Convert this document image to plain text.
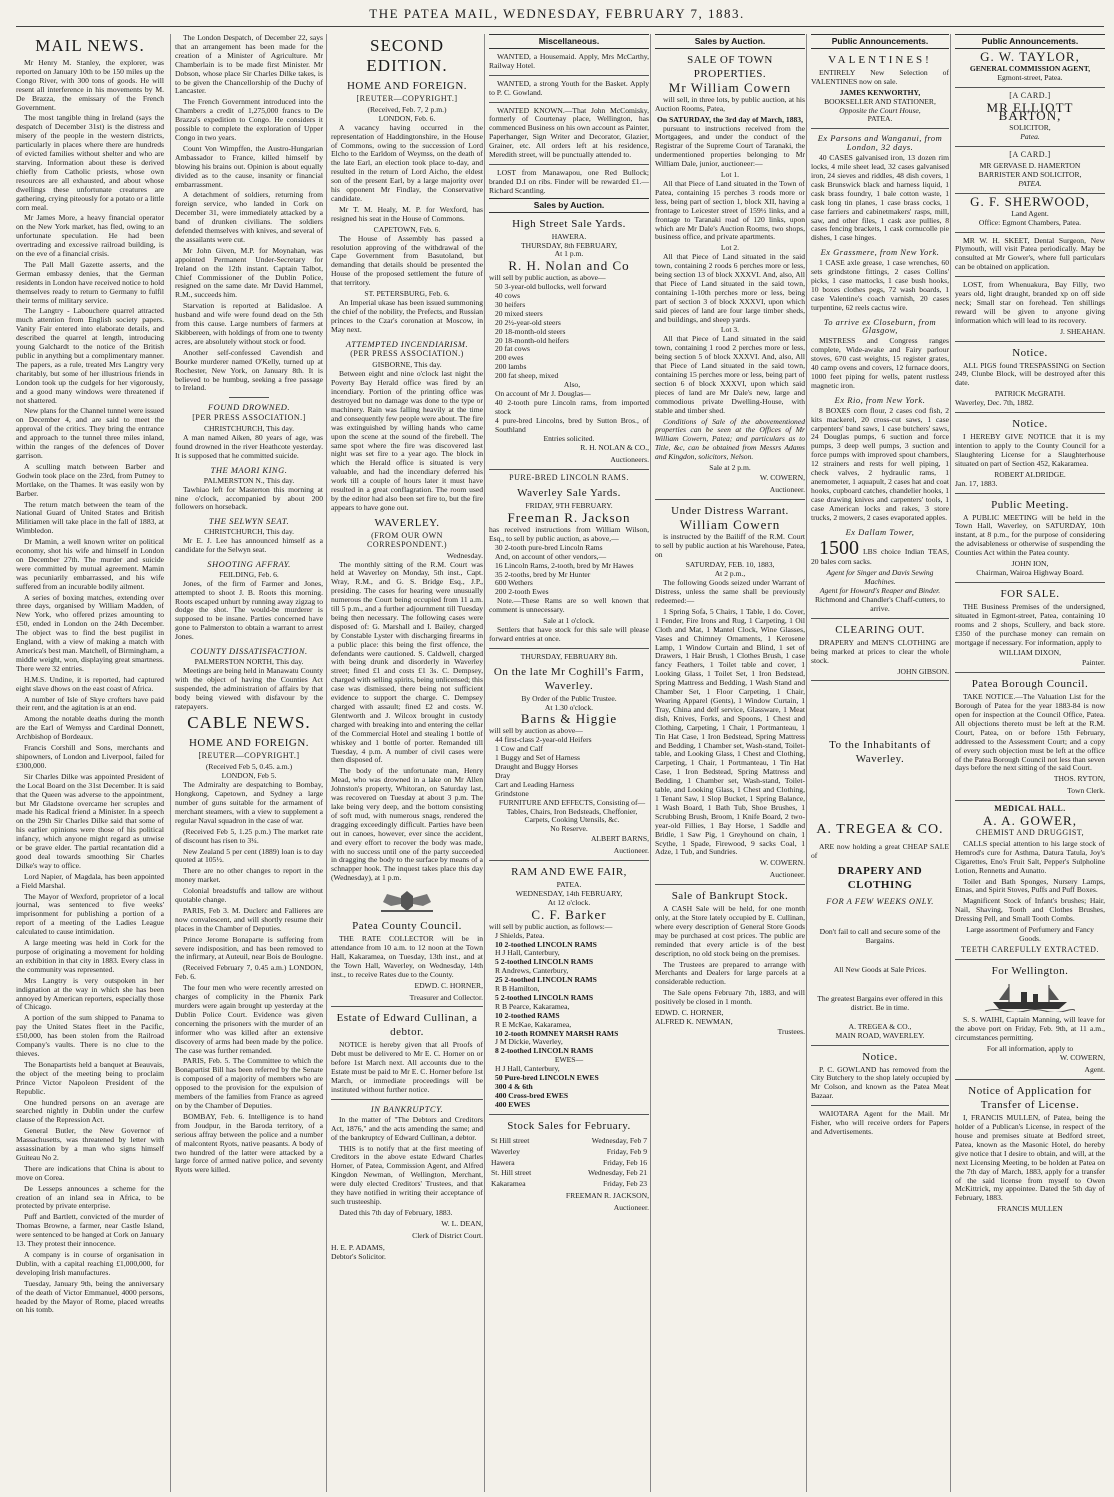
THE PATEA MAIL, WEDNESDAY, FEBRUARY 7, 1883.
MAIL NEWS.

Mr Henry M. Stanley, the explorer, was reported on January 10th to be 150 miles up the Congo River, with 300 tons of goods. He will resent all interference in his movements by M. De Brazza, the emissary of the French Government.

The most tangible thing in Ireland (says the despatch of December 31st) is the distress and misery of the people in the western districts, particularly in places where there are hundreds of evicted families without shelter and who are starving. Information about these is derived chiefly from Catholic priests, whose own resources are all exhausted, and about whose dwellings these unfortunate creatures are gathering, crying piteously for a potato or a little corn meal.

Mr James More, a heavy financial operator on the New York market, has fled, owing to an unfortunate speculation. He had been overtrading and excessive railroad building, is on the eve of a financial crisis.

The Pall Mall Gazette asserts, and the German embassy denies, that the German residents in London have received notice to hold themselves ready to return to Germany to fulfil their terms of military service.

The Langtry - Labouchere quarrel attracted much attention from English society papers. Vanity Fair entered into elaborate details, and described the quarrel at length, introducing young Galchardt to the notice of the British public in anything but a complimentary manner. The papers, as a rule, treated Mrs Langtry very charitably, but some of her illustrious friends in London took up the cudgels for her vigorously, and a good many windows were threatened if not shattered.

New plans for the Channel tunnel were issued on December 4, and are said to meet the approval of the critics. They bring the entrance and approach to the tunnel three miles inland, within the ranges of the defences of Dover garrison.

A sculling match between Barber and Godwin took place on the 23rd, from Putney to Mortlake, on the Thames. It was easily won by Barber.

The return match between the team of the National Guard of United States and British Militiamen will take place in the fall of 1883, at Wimbledon.

Dr Mamin, a well known writer on political economy, shot his wife and himself in London on December 27th. The murder and suicide were committed by mutual agreement. Mamin was pecuniarily embarrassed, and his wife suffered from an incurable bodily ailment.

A series of boxing matches, extending over three days, organised by William Madden, of New York, who offered prizes amounting to £50, ended in London on the 24th December. The object was to find the best pugilist in England, with a view of making a match with America's best man. Matchell, of Birmingham, a middle weight, won, displaying great smartness. There were 32 entries.

H.M.S. Undine, it is reported, had captured eight slave dhows on the east coast of Africa.

A number of Isle of Skye crofters have paid their rent, and the agitation is at an end.

Among the notable deaths during the month are the Earl of Wemyss and Cardinal Donnett, Archbishop of Bordeaux.

Francis Corshill and Sons, merchants and shipowners, of London and Liverpool, failed for £300,000.

Sir Charles Dilke was appointed President of the Local Board on the 31st December. It is said that the Queen was adverse to the appointment, but Mr Gladstone overcame her scruples and made his Radical friend a Minister. In a speech on the 29th Sir Charles Dilke said that some of his earlier opinions were those of his political infancy, which anyone might regard as unwise or be grave elder. The partial recantation did a good deal towards smoothing Sir Charles Dilke's way to office.

Lord Napier, of Magdala, has been appointed a Field Marshal.

The Mayor of Wexford, proprietor of a local journal, was sentenced to five weeks' imprisonment for publishing a portion of a report of a meeting of the Ladies League calculated to cause intimidation.

A large meeting was held in Cork for the purpose of originating a movement for holding an exhibition in that city in 1883. Every class in the community was represented.

Mrs Langtry is very outspoken in her indignation at the way in which she has been annoyed by American reporters, especially those of Chicago.

A portion of the sum shipped to Panama to pay the United States fleet in the Pacific, £50,000, has been stolen from the Railroad Company's vaults. There is no clue to the thieves.

The Bonapartists held a banquet at Beauvais, the object of the meeting being to proclaim Prince Victor Napoleon President of the Republic.

One hundred persons on an average are searched nightly in Dublin under the curfew clause of the Repression Act.

General Butler, the New Governor of Massachusetts, was threatened by letter with assassination by a man who signs himself Guiteau No 2.

There are indications that China is about to move on Corea.

De Lesseps announces a scheme for the creation of an inland sea in Africa, to be protected by private enterprise.

Puff and Bartlett, convicted of the murder of Thomas Browne, a farmer, near Castle Island, were sentenced to be hanged at Cork on January 13. They protest their innocence.

A company is in course of organisation in Dublin, with a capital reaching £1,000,000, for developing Irish manufactures.

Tuesday, January 9th, being the anniversary of the death of Victor Emmanuel, 4000 persons, headed by the Mayor of Rome, placed wreaths on his tomb.

The London Despatch, of December 22, says that an arrangement has been made for the creation of a Minister of Agriculture. Mr Chamberlain is to be made first Minister. Mr Dobson, whose place Sir Charles Dilke takes, is to be given the Chancellorship of the Duchy of Lancaster.

The French Government introduced into the Chambers a credit of 1,275,000 francs to De Brazza's expedition to Congo. He considers it possible to complete the exploration of Upper Congo in two years.

Count Von Wimpffen, the Austro-Hungarian Ambassador to France, killed himself by blowing his brains out. Opinion is about equally divided as to the cause, insanity or financial embarrassment.

A detachment of soldiers, returning from foreign service, who landed in Cork on December 31, were immediately attacked by a band of drunken civilians. The soldiers defended themselves with knives, and several of the assailants were cut.

Mr John Given, M.P. for Moynahan, was appointed Permanent Under-Secretary for Ireland on the 12th instant. Captain Talbot, Chief Commissioner of the Dublin Police, resigned on the same date. Mr David Hammel, R.M., succeeds him.

Starvation is reported at Balidasloe. A husband and wife were found dead on the 5th from this cause. Large numbers of farmers at Skibbereen, with holdings of from one to twenty acres, are absolutely without stock or food.

Another self-confessed Cavendish and Bourke murderer named O'Kelly, turned up at Rochester, New York, on January 8th. It is believed to be humbug, seeking a free passage to Ireland.

FOUND DROWNED.
[PER PRESS ASSOCIATION.]
CHRISTCHURCH, This day.

A man named Aiken, 80 years of age, was found drowned in the river Heathcote yesterday. It is supposed that he committed suicide.

THE MAORI KING.
PALMERSTON N., This day.

Tawhiao left for Masterton this morning at nine o'clock, accompanied by about 200 followers on horseback.

THE SELWYN SEAT.
CHRISTCHURCH, This day.

Mr E. J. Lee has announced himself as a candidate for the Selwyn seat.

SHOOTING AFFRAY.
FEILDING, Feb. 6.

Jones, of the firm of Farmer and Jones, attempted to shoot J. B. Roots this morning. Roots escaped unhurt by running away zigzag to dodge the shot. The would-be murderer is supposed to be insane. Parties concerned have gone to Palmerston to obtain a warrant to arrest Jones.

COUNTY DISSATISFACTION.
PALMERSTON NORTH, This day.

Meetings are being held in Manawatu County with the object of having the Counties Act suspended, the administration of affairs by that body being viewed with disfavour by the ratepayers.

CABLE NEWS.
HOME AND FOREIGN.
[REUTER—COPYRIGHT.]
(Received Feb 5, 0.45. a.m.)
LONDON, Feb 5.

The Admiralty are despatching to Bombay, Hongkong, Capetown, and Sydney a large number of guns suitable for the armament of merchant steamers, with a view to supplement a regular Naval squadron in the case of war.

(Received Feb 5, 1.25 p.m.) The market rate of discount has risen to 3¼.

New Zealand 5 per cent (1889) loan is to day quoted at 105½.

There are no other changes to report in the money market.

Colonial breadstuffs and tallow are without quotable change.

PARIS, Feb 3. M. Duclerc and Fallieres are now convalescent, and will shortly resume their places in the Chamber of Deputies.

Prince Jerome Bonaparte is suffering from severe indisposition, and has been removed to the infirmary, at Auteuil, near Bois de Boulogne.

(Received February 7, 0.45 a.m.) LONDON, Feb. 6.

The four men who were recently arrested on charges of complicity in the Phœnix Park murders were again brought up yesterday at the Dublin Police Court. Evidence was given concerning the prisoners with the murder of an informer who was killed after an extensive discovery of arms had been made by the police. The case was further remanded.

PARIS, Feb. 5. The Committee to which the Bonapartist Bill has been referred by the Senate is composed of a majority of members who are opposed to the provision for the expulsion of members of the families from France as agreed on by the Chamber of Deputies.

BOMBAY, Feb. 6. Intelligence is to hand from Joudpur, in the Baroda territory, of a serious affray between the police and a number of malcontent Ryots, native peasants. A body of two hundred of the latter were attacked by a large force of armed native police, and seventy Ryots were killed.

SECOND EDITION.
HOME AND FOREIGN.
[REUTER—COPYRIGHT.]
(Received, Feb. 7, 2 p.m.)
LONDON, Feb. 6.

A vacancy having occurred in the representation of Haddingtonshire, in the House of Commons, owing to the succession of Lord Elcho to the Earldom of Weymss, on the death of the late Earl, an election took place to-day, and resulted in the return of Lord Aicho, the eldest son of the present Earl, by a large majority over his opponent Mr Findlay, the Conservative candidate.

Mr T. M. Healy, M. P. for Wexford, has resigned his seat in the House of Commons.

CAPETOWN, Feb. 6.

The House of Assembly has passed a resolution approving of the withdrawal of the Cape Government from Basutoland, but demanding that details should be presented the House of the proposed settlement the future of that territory.

ST. PETERSBURG, Feb. 6.

An Imperial ukase has been issued summoning the chief of the nobility, the Prefects, and Russian princes to the Czar's coronation at Moscow, in May next.

ATTEMPTED INCENDIARISM.
(PER PRESS ASSOCIATION.)
GISBORNE, This day.

Between eight and nine o'clock last night the Poverty Bay Herald office was fired by an incendiary. Portion of the printing office was destroyed but no damage was done to the type or machinery. Rain was falling heavily at the time and consequently few people were about. The fire was extinguished by willing hands who came upon the scene at the sound of the firebell. The same spot where the fire was discovered last night was set fire to a year ago. The block in which the Herald office is situated is very valuable, and had the incendiary deferred his work till a couple of hours later it must have resulted in a great conflagration. The room used by the editor had also been set fire to, but the fire appears to have gone out.

WAVERLEY.
(FROM OUR OWN CORRESPONDENT.)
Wednesday.

The monthly sitting of the R.M. Court was held at Waverley on Monday, 5th inst., Capt. Wray, R.M., and G. S. Bridge Esq., J.P., presiding. The cases for hearing were unusually numerous the Court being occupied from 11 a.m. till 5 p.m., and a further adjournment till Tuesday being then necessary. The following cases were disposed of: G. Marshall and I. Bailey, charged by Constable Lyster with discharging firearms in a public place: this being the first offence, the defendants were cautioned. S. Caldwell, charged with being drunk and disorderly in Waverley street; fined £1 and costs £1 3s. C. Dempsey, charged with selling spirits, being unlicensed; this case was dismissed, there being not sufficient evidence to support the charge. C. Dempsey charged with assault; fined £2 and costs. W. Glentworth and J. Wilcox brought in custody charged with breaking into and entering the cellar of the Commercial Hotel and stealing 1 bottle of whiskey and 1 bottle of porter. Remanded till Tuesday, 4 p.m. A number of civil cases were then disposed of.

The body of the unfortunate man, Henry Mead, who was drowned in a lake on Mr Allen Johnston's property, Whitoran, on Saturday last, was recovered on Tuesday at about 3 p.m. The lake being very deep, and the bottom consisting of soft mud, with numerous snags, rendered the dragging exceedingly difficult. Parties have been out in canoes, however, ever since the accident, and every effort to recover the body was made, with no success until one of the party succeeded in dragging the body to the surface by means of a schnapper hook. The inquest takes place this day (Wednesday), at 1 p.m.

Patea County Council.

THE RATE COLLECTOR will be in attendance from 10 a.m. to 12 noon at the Town Hall, Kakaramea, on Tuesday, 13th inst., and at the Town Hall, Waverley, on Wednesday, 14th inst., to receive Rates due to the County.

EDWD. C. HORNER,
Treasurer and Collector.
Estate of Edward Cullinan, a debtor.

NOTICE is hereby given that all Proofs of Debt must be delivered to Mr E. C. Horner on or before 1st March next. All accounts due to the Estate must be paid to Mr E. C. Horner before 1st March, or immediate proceedings will be instituted without further notice.

IN BANKRUPTCY.

In the matter of "The Debtors and Creditors Act, 1876," and the acts amending the same; and of the bankruptcy of Edward Cullinan, a debtor.

THIS is to notify that at the first meeting of Creditors in the above estate Edward Charles Horner, of Patea, Commission Agent, and Alfred Kingdon Newman, of Wellington, Merchant, were duly elected Creditors' Trustees, and that they have notified in writing their acceptance of such trusteeship.

Dated this 7th day of February, 1883.

W. L. DEAN,
Clerk of District Court.
H. E. P. ADAMS,
Debtor's Solicitor.
Miscellaneous.

WANTED, a Housemaid. Apply, Mrs McCarthy, Railway Hotel.

WANTED, a strong Youth for the Basket. Apply to P. C. Gowland.

WANTED KNOWN.—That John McComisky, formerly of Courtenay place, Wellington, has commenced Business on his own account as Painter, Paperhanger, Sign Writer and Decorator, Glazier, Grainer, etc. All orders left at his residence, Meredith street, will be punctually attended to.

LOST from Manawapou, one Red Bullock; branded D.I on ribs. Finder will be rewarded £1.—Richard Scantling.

Sales by Auction.
High Street Sale Yards.
HAWERA.
THURSDAY, 8th FEBRUARY,
At 1 p.m.
R. H. Nolan and Co
will sell by public auction, as above—
50 3-year-old bullocks, well forward
40 cows
30 heifers
20 mixed steers
20 2½-year-old steers
20 18-month-old steers
20 18-month-old heifers
20 fat cows
200 ewes
200 lambs
200 fat sheep, mixed
Also,
On account of Mr J. Douglas—
40 2-tooth pure Lincoln rams, from imported stock
4 pure-bred Lincolns, bred by Sutton Bros., of Southland
Entries solicited.
R. H. NOLAN & CO.,
Auctioneers.
PURE-BRED LINCOLN RAMS.
Waverley Sale Yards.
FRIDAY, 9TH FEBRUARY.
Freeman R. Jackson
has received instructions from William Wilson, Esq., to sell by public auction, as above,—
30 2-tooth pure-bred Lincoln Rams
And, on account of other vendors,—
16 Lincoln Rams, 2-tooth, bred by Mr Hawes
35 2-tooths, bred by Mr Hunter
600 Wethers
200 2-tooth Ewes

Note.—These Rams are so well known that comment is unnecessary.

Sale at 1 o'clock.

Settlers that have stock for this sale will please forward entries at once.

THURSDAY, FEBRUARY 8th.
On the late Mr Coghill's Farm, Waverley.
By Order of the Public Trustee.
At 1.30 o'clock.
Barns & Higgie
will sell by auction as above—
44 first-class 2-year-old Heifers
1 Cow and Calf
1 Buggy and Set of Harness
Draught and Buggy Horses
Dray
Cart and Leading Harness
Grindstone
FURNITURE AND EFFECTS, Consisting of—
Tables, Chairs, Iron Bedsteads, Cheffonier, Carpets, Cooking Utensils, &c.
No Reserve.
ALBERT BARNS,
Auctioneer.
RAM AND EWE FAIR,
PATEA.
WEDNESDAY, 14th FEBRUARY,
At 12 o'clock.
C. F. Barker
will sell by public auction, as follows:—
J Shields, Patea.
10 2-toothed LINCOLN RAMS
H J Hall, Canterbury,
5 2-toothed LINCOLN RAMS
R Andrews, Canterbury,
25 2-toothed LINCOLN RAMS
R B Hamilton,
5 2-toothed LINCOLN RAMS
R B Pearce, Kakaramea,
10 2-toothed RAMS
R E McKae, Kakaramea,
10 2-tooth ROMNEY MARSH RAMS
J M Dickie, Waverley,
8 2-toothed LINCOLN RAMS
EWES—
H J Hall, Canterbury,
50 Pure-bred LINCOLN EWES
300 4 & 6th
400 Cross-bred EWES
400 EWES
Stock Sales for February.
St Hill street	Wednesday, Feb 7
Waverley	Friday, Feb 9
Hawera	Friday, Feb 16
St. Hill street	Wednesday, Feb 21
Kakaramea	Friday, Feb 23
FREEMAN R. JACKSON,
Auctioneer.
Sales by Auction.
SALE OF TOWN PROPERTIES.
Mr William Cowern

will sell, in three lots, by public auction, at his Auction Rooms, Patea,

On SATURDAY, the 3rd day of March, 1883,

pursuant to instructions received from the Mortgagees, and under the conduct of the Registrar of the Supreme Court of Taranaki, the undermentioned properties belonging to Mr William Dale, junior, auctioneer:—

Lot 1.

All that Piece of Land situated in the Town of Patea, containing 15 perches 3 roods more or less, being part of section 1, block XII, having a frontage to Leicester street of 159½ links, and a frontage to Taranaki road of 120 links, upon which are Mr Dale's Auction Rooms, two shops, business office, and private apartments.

Lot 2.

All that Piece of Land situated in the said town, containing 2 roods 6 perches more or less, being section 13 of block XXXVI. And, also, All that Piece of Land situated in the said town, containing 1-10th perches more or less, being part of section 3 of block XXXVI, upon which said pieces of land are four large timber sheds, and buildings, and sheep yards.

Lot 3.

All that Piece of Land situated in the said town, containing 1 rood 2 perches more or less, being section 5 of block XXXVI. And, also, All that Piece of Land situated in the said town, containing 15 perches more or less, being part of section 6 of block XXXVI, upon which said pieces of land are Mr Dale's new, large and commodious private Dwelling-House, with stable and timber shed.

Conditions of Sale of the abovementioned properties can be seen at the Offices of Mr William Cowern, Patea; and particulars as to Title, &c, can be obtained from Messrs Adams and Kingdon, solicitors, Nelson.

Sale at 2 p.m.
W. COWERN,
Auctioneer.
Under Distress Warrant.
William Cowern

is instructed by the Bailiff of the R.M. Court to sell by public auction at his Warehouse, Patea, on

SATURDAY, FEB. 10, 1883,
At 2 p.m.,

The following Goods seized under Warrant of Distress, unless the same shall be previously redeemed:—

1 Spring Sofa, 5 Chairs, 1 Table, 1 do. Cover, 1 Fender, Fire Irons and Rug, 1 Carpeting, 1 Oil Cloth and Mat, 1 Mantel Clock, Wine Glasses, Vases and Chimney Ornaments, 1 Kerosene Lamp, 1 Window Curtain and Blind, 1 set of Drawers, 1 Hair Brush, 1 Clothes Brush, 1 case fancy Feathers, 1 Toilet table and cover, 1 Looking Glass, 1 Toilet Set, 1 Iron Bedstead, Spring Mattress and Bedding, 1 Wash Stand and Chamber Set, 1 Floor Carpeting, 1 Chair, Wearing Apparel (Gents), 1 Window Curtain, 1 Tray, China and delf service, Glassware, 1 Meat dish, Knives, Forks, and Spoons, 1 Chest and Clothing, Carpeting, 1 Chair, 1 Portmanteau, 1 Tin Hat Case, 1 Iron Bedstead, Spring Mattress and Bedding, 1 Chamber set, Wash-stand, Toilet-table, and Looking Glass, 1 Chest and Clothing, Carpeting, 1 Chair, 1 Portmanteau, 1 Tin Hat Case, 1 Iron Bedstead, Spring Mattress and Bedding, 1 Chamber set, Wash-stand, Toilet-table, and Looking Glass, 1 Chest and Clothing, 1 Tenant Saw, 1 Slop Bucket, 1 Spring Balance, 1 Wash Board, 1 Bath Tub, Shoe Brushes, 1 Scrubbing Brush, Broom, 1 Knife Board, 2 two-year-old Fillies, 1 Bay Horse, 1 Saddle and Bridle, 1 Saw Pig, 1 Greyhound on chain, 1 Scythe, 1 Spade, Firewood, 9 sacks Coal, 1 Adze, 1 Tub, and Sundries.

W. COWERN.
Auctioneer.
Sale of Bankrupt Stock.

A CASH Sale will be held, for one month only, at the Store lately occupied by E. Cullinan, where every description of General Store Goods may be purchased at cost prices. The public are reminded that every article is of the best description, no old stock being on the premises.

The Trustees are prepared to arrange with Merchants and Dealers for large parcels at a considerable reduction.

The Sale opens February 7th, 1883, and will positively be closed in 1 month.

EDWD. C. HORNER,
ALFRED K. NEWMAN,
Trustees.
Public Announcements.
VALENTINES!

ENTIRELY New Selection of VALENTINES now on sale.

JAMES KENWORTHY,
BOOKSELLER AND STATIONER,
Opposite the Court House,
PATEA.
Ex Parsons and Wanganui, from London, 32 days.

40 CASES galvanised iron, 13 dozen rim locks, 4 mile sheet lead, 32 cases galvanised iron, 24 sieves and riddles, 48 dish covers, 1 cask Brunswick black and harness liquid, 1 cask brass foundry, 1 bale cotton waste, 1 cask long tin planes, 1 case brass cocks, 1 case farriers and cabinetmakers' rasps, mill, saw, and other files, 1 cask axe pullies, 8 cases fencing brackets, 1 cask cornucolle pie dishes, 1 case hinges.

Ex Grassmere, from New York.

1 CASE axle grease, 1 case wrenches, 60 sets grindstone fittings, 2 cases Collins' picks, 1 case mattocks, 1 case bush hooks, 10 boxes clothes pegs, 72 wash boards, 1 case Valentine's coach varnish, 20 cases turpentine, 62 reels cactus wire.

To arrive ex Closeburn, from Glasgow,

MISTRESS and Congress ranges complete, Wide-awake and Fairy parlour stoves, 670 cast weights, 15 register grates, 40 camp ovens and covers, 12 furnace doors, 1000 feet piping for wells, patent rustless magnetic iron.

Ex Rio, from New York.

8 BOXES corn flour, 2 cases cod fish, 2 kits mackerel, 20 cross-cut saws, 1 case carpenters' band saws, 1 case butchers' saws, 24 Douglas pumps, 6 suction and force pumps, 3 deep well pumps, 3 suction and force pumps with improved spout chambers, 12 strainers and rests for well piping, 1 check valves, 2 hydraulic rams, 1 anemometer, 1 aquapult, 2 cases hat and coat hooks, cupboard catches, chandelier hooks, 1 case drawing knives and carpenters' tools, 1 case American locks and rakes, 3 store trucks, 2 mowers, 2 cases evaporated apples.

Ex Dallam Tower,

1500 LBS choice Indian TEAS, 20 bales corn sacks.

Agent for Singer and Davis Sewing Machines.
Agent for Howard's Reaper and Binder.
Richmond and Chandler's Chaff-cutters, to arrive.
CLEARING OUT.

DRAPERY and MEN'S CLOTHING are being marked at prices to clear the whole stock.

JOHN GIBSON.
To the Inhabitants of Waverley.
A. TREGEA & CO.

ARE now holding a great CHEAP SALE of

DRAPERY AND CLOTHING
FOR A FEW WEEKS ONLY.
Don't fail to call and secure some of the Bargains.
All New Goods at Sale Prices.
The greatest Bargains ever offered in this district. Be in time.
A. TREGEA & CO.,
MAIN ROAD, WAVERLEY.
Notice.

P. C. GOWLAND has removed from the City Butchery to the shop lately occupied by Mr Colson, and known as the Patea Meat Bazaar.

WAIOTARA Agent for the Mail. Mr Fisher, who will receive orders for Papers and Advertisements.

Public Announcements.
G. W. TAYLOR,
GENERAL COMMISSION AGENT,
Egmont-street, Patea.
[A CARD.]
MR ELLIOTT BARTON,
SOLICITOR,
Patea.
[A CARD.]
MR GERVASE D. HAMERTON
BARRISTER AND SOLICITOR,
PATEA.
G. F. SHERWOOD,
Land Agent.
Office: Egmont Chambers, Patea.

MR W. H. SKEET, Dental Surgeon, New Plymouth, will visit Patea periodically. May be consulted at Mr Gower's, where full particulars can be obtained on application.

LOST, from Whenuakura, Bay Filly, two years old, light draught, branded xp on off side neck; Small star on forehead. Ten shillings reward will be given to anyone giving information which will lead to its recovery.

J. SHEAHAN.
Notice.

ALL PIGS found TRESPASSING on Section 249, Clunbe Block, will be destroyed after this date.

PATRICK McGRATH.
Waverley, Dec. 7th, 1882.
Notice.

I HEREBY GIVE NOTICE that it is my intention to apply to the County Council for a Slaughtering License for a Slaughterhouse situated on part of Section 452, Kakaramea.

ROBERT ALDRIDGE.
Jan. 17, 1883.
Public Meeting.

A PUBLIC MEETING will be held in the Town Hall, Waverley, on SATURDAY, 10th instant, at 8 p.m., for the purpose of considering the advisableness or otherwise of suspending the Counties Act within the Patea county.

JOHN ION,
Chairman, Wairoa Highway Board.
FOR SALE.

THE Business Premises of the undersigned, situated in Egmont-street, Patea, containing 10 rooms and 2 shops, Scullery, and back store. £350 of the purchase money can remain on mortgage if necessary. For information, apply to

WILLIAM DIXON,
Painter.
Patea Borough Council.

TAKE NOTICE.—The Valuation List for the Borough of Patea for the year 1883-84 is now open for inspection at the Council Office, Patea. All objections thereto must be left at the R.M. Court, Patea, on or before 15th February, addressed to the Assessment Court; and a copy of every such objection must be left at the office of the Patea Borough Council not less than seven days before the next sitting of the said Court.

THOS. RYTON,
Town Clerk.
MEDICAL HALL.
A. A. GOWER,
CHEMIST AND DRUGGIST,

CALLS special attention to his large stock of Hemrod's cure for Asthma, Datura Tatula, Joy's Cigarettes, Eno's Fruit Salt, Pepper's Sulpholine Lotion, Rennetts and Aunatto.

Toilet and Bath Sponges, Nursery Lamps, Etnas, and Spirit Stoves, Puffs and Puff Boxes.

Magnificent Stock of Infant's brushes; Hair, Nail, Shaving, Tooth and Clothes Brushes, Dressing Pell, and Small Tooth Combs.

Large assortment of Perfumery and Fancy Goods.
TEETH CAREFULLY EXTRACTED.
For Wellington.

S. S. WAIHI, Captain Manning, will leave for the above port on Friday, Feb. 9th, at 11 a.m., circumstances permitting.

For all information, apply to
W. COWERN,
Agent.
Notice of Application for Transfer of License.

I, FRANCIS MULLEN, of Patea, being the holder of a Publican's License, in respect of the house and premises situate at Bedford street, Patea, known as the Masonic Hotel, do hereby give notice that I desire to obtain, and will, at the next Licensing Meeting, to be holden at Patea on the 7th day of March, 1883, apply for a transfer of the said license from myself to Owen McKittrick, my appointee. Dated the 5th day of February, 1883.

FRANCIS MULLEN
